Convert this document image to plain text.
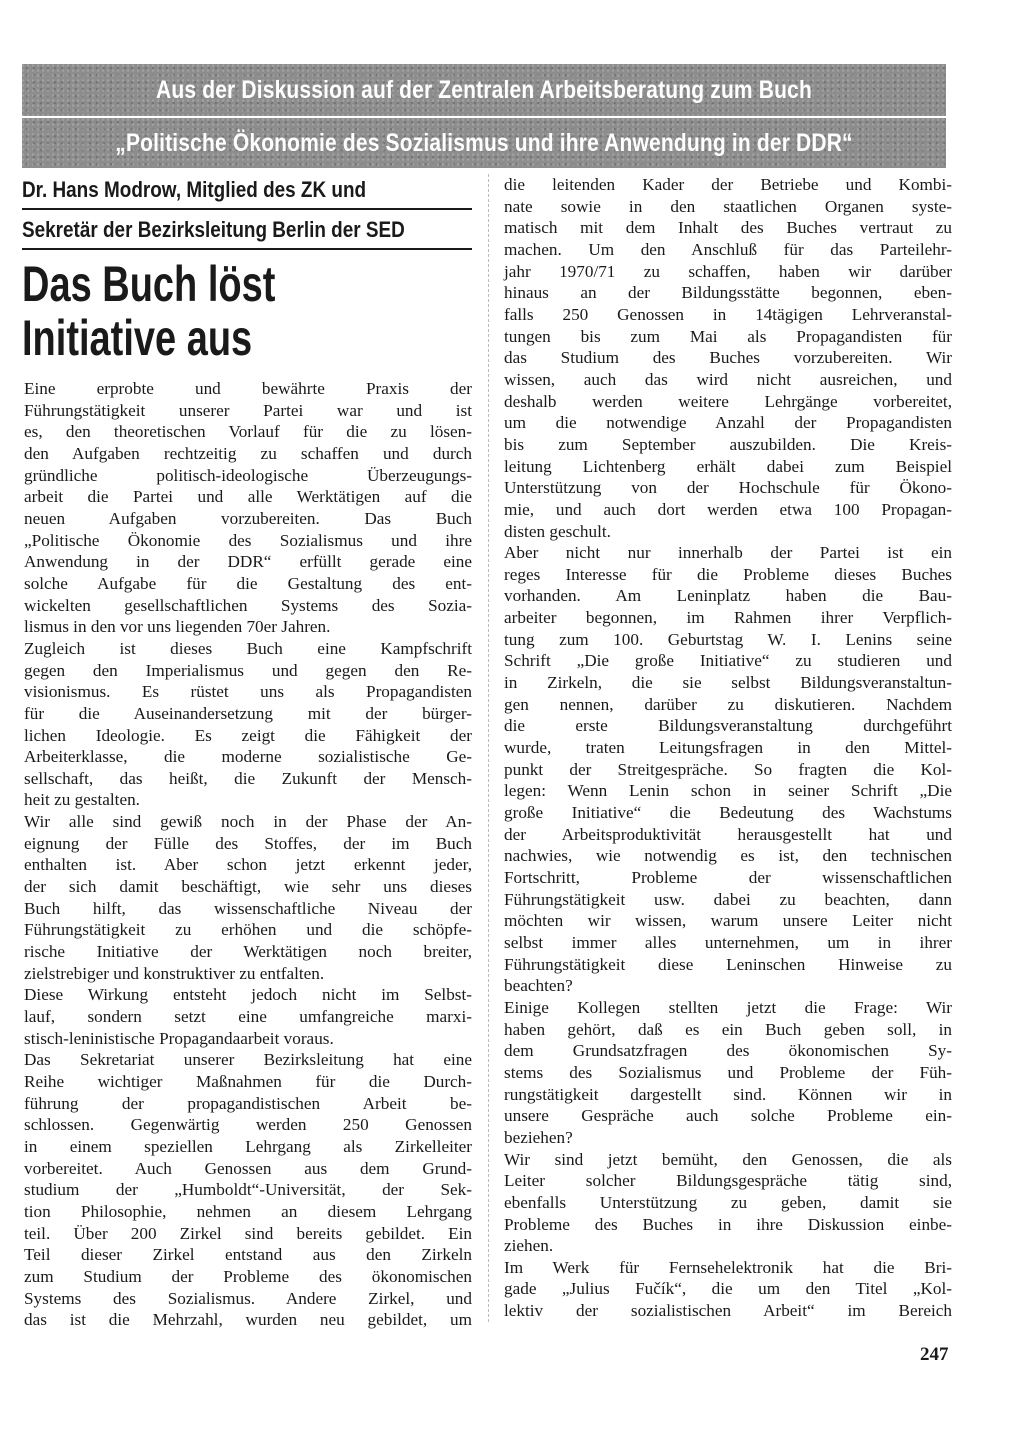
Aus der Diskussion auf der Zentralen Arbeitsberatung zum Buch
„Politische Ökonomie des Sozialismus und ihre Anwendung in der DDR“
Dr. Hans Modrow, Mitglied des ZK und
Sekretär der Bezirksleitung Berlin der SED
Das Buch löst
Initiative aus

Eine erprobte und bewährte Praxis der

Führungstätigkeit unserer Partei war und ist

es, den theoretischen Vorlauf für die zu lösen-

den Aufgaben rechtzeitig zu schaffen und durch

gründliche politisch-ideologische Überzeugungs-

arbeit die Partei und alle Werktätigen auf die

neuen Aufgaben vorzubereiten. Das Buch

„Politische Ökonomie des Sozialismus und ihre

Anwendung in der DDR“ erfüllt gerade eine

solche Aufgabe für die Gestaltung des ent-

wickelten gesellschaftlichen Systems des Sozia-

lismus in den vor uns liegenden 70er Jahren.

Zugleich ist dieses Buch eine Kampfschrift

gegen den Imperialismus und gegen den Re-

visionismus. Es rüstet uns als Propagandisten

für die Auseinandersetzung mit der bürger-

lichen Ideologie. Es zeigt die Fähigkeit der

Arbeiterklasse, die moderne sozialistische Ge-

sellschaft, das heißt, die Zukunft der Mensch-

heit zu gestalten.

Wir alle sind gewiß noch in der Phase der An-

eignung der Fülle des Stoffes, der im Buch

enthalten ist. Aber schon jetzt erkennt jeder,

der sich damit beschäftigt, wie sehr uns dieses

Buch hilft, das wissenschaftliche Niveau der

Führungstätigkeit zu erhöhen und die schöpfe-

rische Initiative der Werktätigen noch breiter,

zielstrebiger und konstruktiver zu entfalten.

Diese Wirkung entsteht jedoch nicht im Selbst-

lauf, sondern setzt eine umfangreiche marxi-

stisch-leninistische Propagandaarbeit voraus.

Das Sekretariat unserer Bezirksleitung hat eine

Reihe wichtiger Maßnahmen für die Durch-

führung der propagandistischen Arbeit be-

schlossen. Gegenwärtig werden 250 Genossen

in einem speziellen Lehrgang als Zirkelleiter

vorbereitet. Auch Genossen aus dem Grund-

studium der „Humboldt“-Universität, der Sek-

tion Philosophie, nehmen an diesem Lehrgang

teil. Über 200 Zirkel sind bereits gebildet. Ein

Teil dieser Zirkel entstand aus den Zirkeln

zum Studium der Probleme des ökonomischen

Systems des Sozialismus. Andere Zirkel, und

das ist die Mehrzahl, wurden neu gebildet, um

die leitenden Kader der Betriebe und Kombi-

nate sowie in den staatlichen Organen syste-

matisch mit dem Inhalt des Buches vertraut zu

machen. Um den Anschluß für das Parteilehr-

jahr 1970/71 zu schaffen, haben wir darüber

hinaus an der Bildungsstätte begonnen, eben-

falls 250 Genossen in 14tägigen Lehrveranstal-

tungen bis zum Mai als Propagandisten für

das Studium des Buches vorzubereiten. Wir

wissen, auch das wird nicht ausreichen, und

deshalb werden weitere Lehrgänge vorbereitet,

um die notwendige Anzahl der Propagandisten

bis zum September auszubilden. Die Kreis-

leitung Lichtenberg erhält dabei zum Beispiel

Unterstützung von der Hochschule für Ökono-

mie, und auch dort werden etwa 100 Propagan-

disten geschult.

Aber nicht nur innerhalb der Partei ist ein

reges Interesse für die Probleme dieses Buches

vorhanden. Am Leninplatz haben die Bau-

arbeiter begonnen, im Rahmen ihrer Verpflich-

tung zum 100. Geburtstag W. I. Lenins seine

Schrift „Die große Initiative“ zu studieren und

in Zirkeln, die sie selbst Bildungsveranstaltun-

gen nennen, darüber zu diskutieren. Nachdem

die erste Bildungsveranstaltung durchgeführt

wurde, traten Leitungsfragen in den Mittel-

punkt der Streitgespräche. So fragten die Kol-

legen: Wenn Lenin schon in seiner Schrift „Die

große Initiative“ die Bedeutung des Wachstums

der Arbeitsproduktivität herausgestellt hat und

nachwies, wie notwendig es ist, den technischen

Fortschritt, Probleme der wissenschaftlichen

Führungstätigkeit usw. dabei zu beachten, dann

möchten wir wissen, warum unsere Leiter nicht

selbst immer alles unternehmen, um in ihrer

Führungstätigkeit diese Leninschen Hinweise zu

beachten?

Einige Kollegen stellten jetzt die Frage: Wir

haben gehört, daß es ein Buch geben soll, in

dem Grundsatzfragen des ökonomischen Sy-

stems des Sozialismus und Probleme der Füh-

rungstätigkeit dargestellt sind. Können wir in

unsere Gespräche auch solche Probleme ein-

beziehen?

Wir sind jetzt bemüht, den Genossen, die als

Leiter solcher Bildungsgespräche tätig sind,

ebenfalls Unterstützung zu geben, damit sie

Probleme des Buches in ihre Diskussion einbe-

ziehen.

Im Werk für Fernsehelektronik hat die Bri-

gade „Julius Fučík“, die um den Titel „Kol-

lektiv der sozialistischen Arbeit“ im Bereich

247
